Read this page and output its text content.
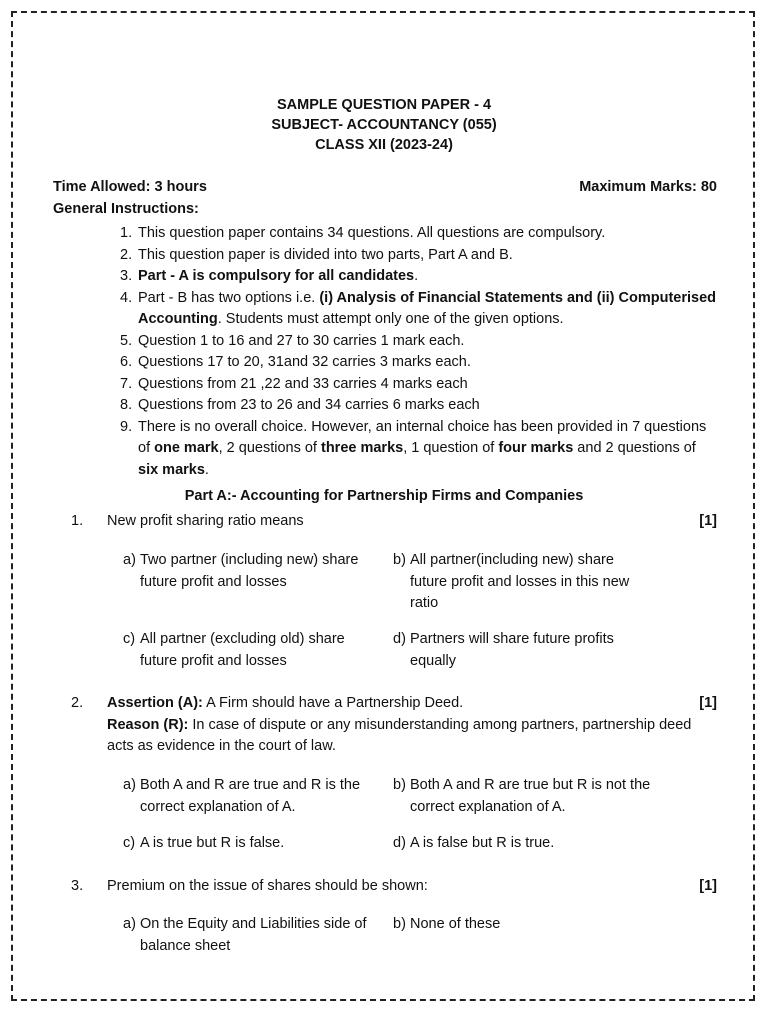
SAMPLE QUESTION PAPER - 4
SUBJECT- ACCOUNTANCY (055)
CLASS XII (2023-24)
Time Allowed: 3 hours	Maximum Marks: 80
General Instructions:
1. This question paper contains 34 questions. All questions are compulsory.
2. This question paper is divided into two parts, Part A and B.
3. Part - A is compulsory for all candidates.
4. Part - B has two options i.e. (i) Analysis of Financial Statements and (ii) Computerised Accounting. Students must attempt only one of the given options.
5. Question 1 to 16 and 27 to 30 carries 1 mark each.
6. Questions 17 to 20, 31and 32 carries 3 marks each.
7. Questions from 21 ,22 and 33 carries 4 marks each
8. Questions from 23 to 26 and 34 carries 6 marks each
9. There is no overall choice. However, an internal choice has been provided in 7 questions of one mark, 2 questions of three marks, 1 question of four marks and 2 questions of six marks.
Part A:- Accounting for Partnership Firms and Companies
1.	New profit sharing ratio means	[1]
a) Two partner (including new) share future profit and losses
b) All partner(including new) share future profit and losses in this new ratio
c) All partner (excluding old) share future profit and losses
d) Partners will share future profits equally
2.	Assertion (A): A Firm should have a Partnership Deed.	[1]
Reason (R): In case of dispute or any misunderstanding among partners, partnership deed acts as evidence in the court of law.
a) Both A and R are true and R is the correct explanation of A.
b) Both A and R are true but R is not the correct explanation of A.
c) A is true but R is false.	d) A is false but R is true.
3.	Premium on the issue of shares should be shown:	[1]
a) On the Equity and Liabilities side of balance sheet
b) None of these
